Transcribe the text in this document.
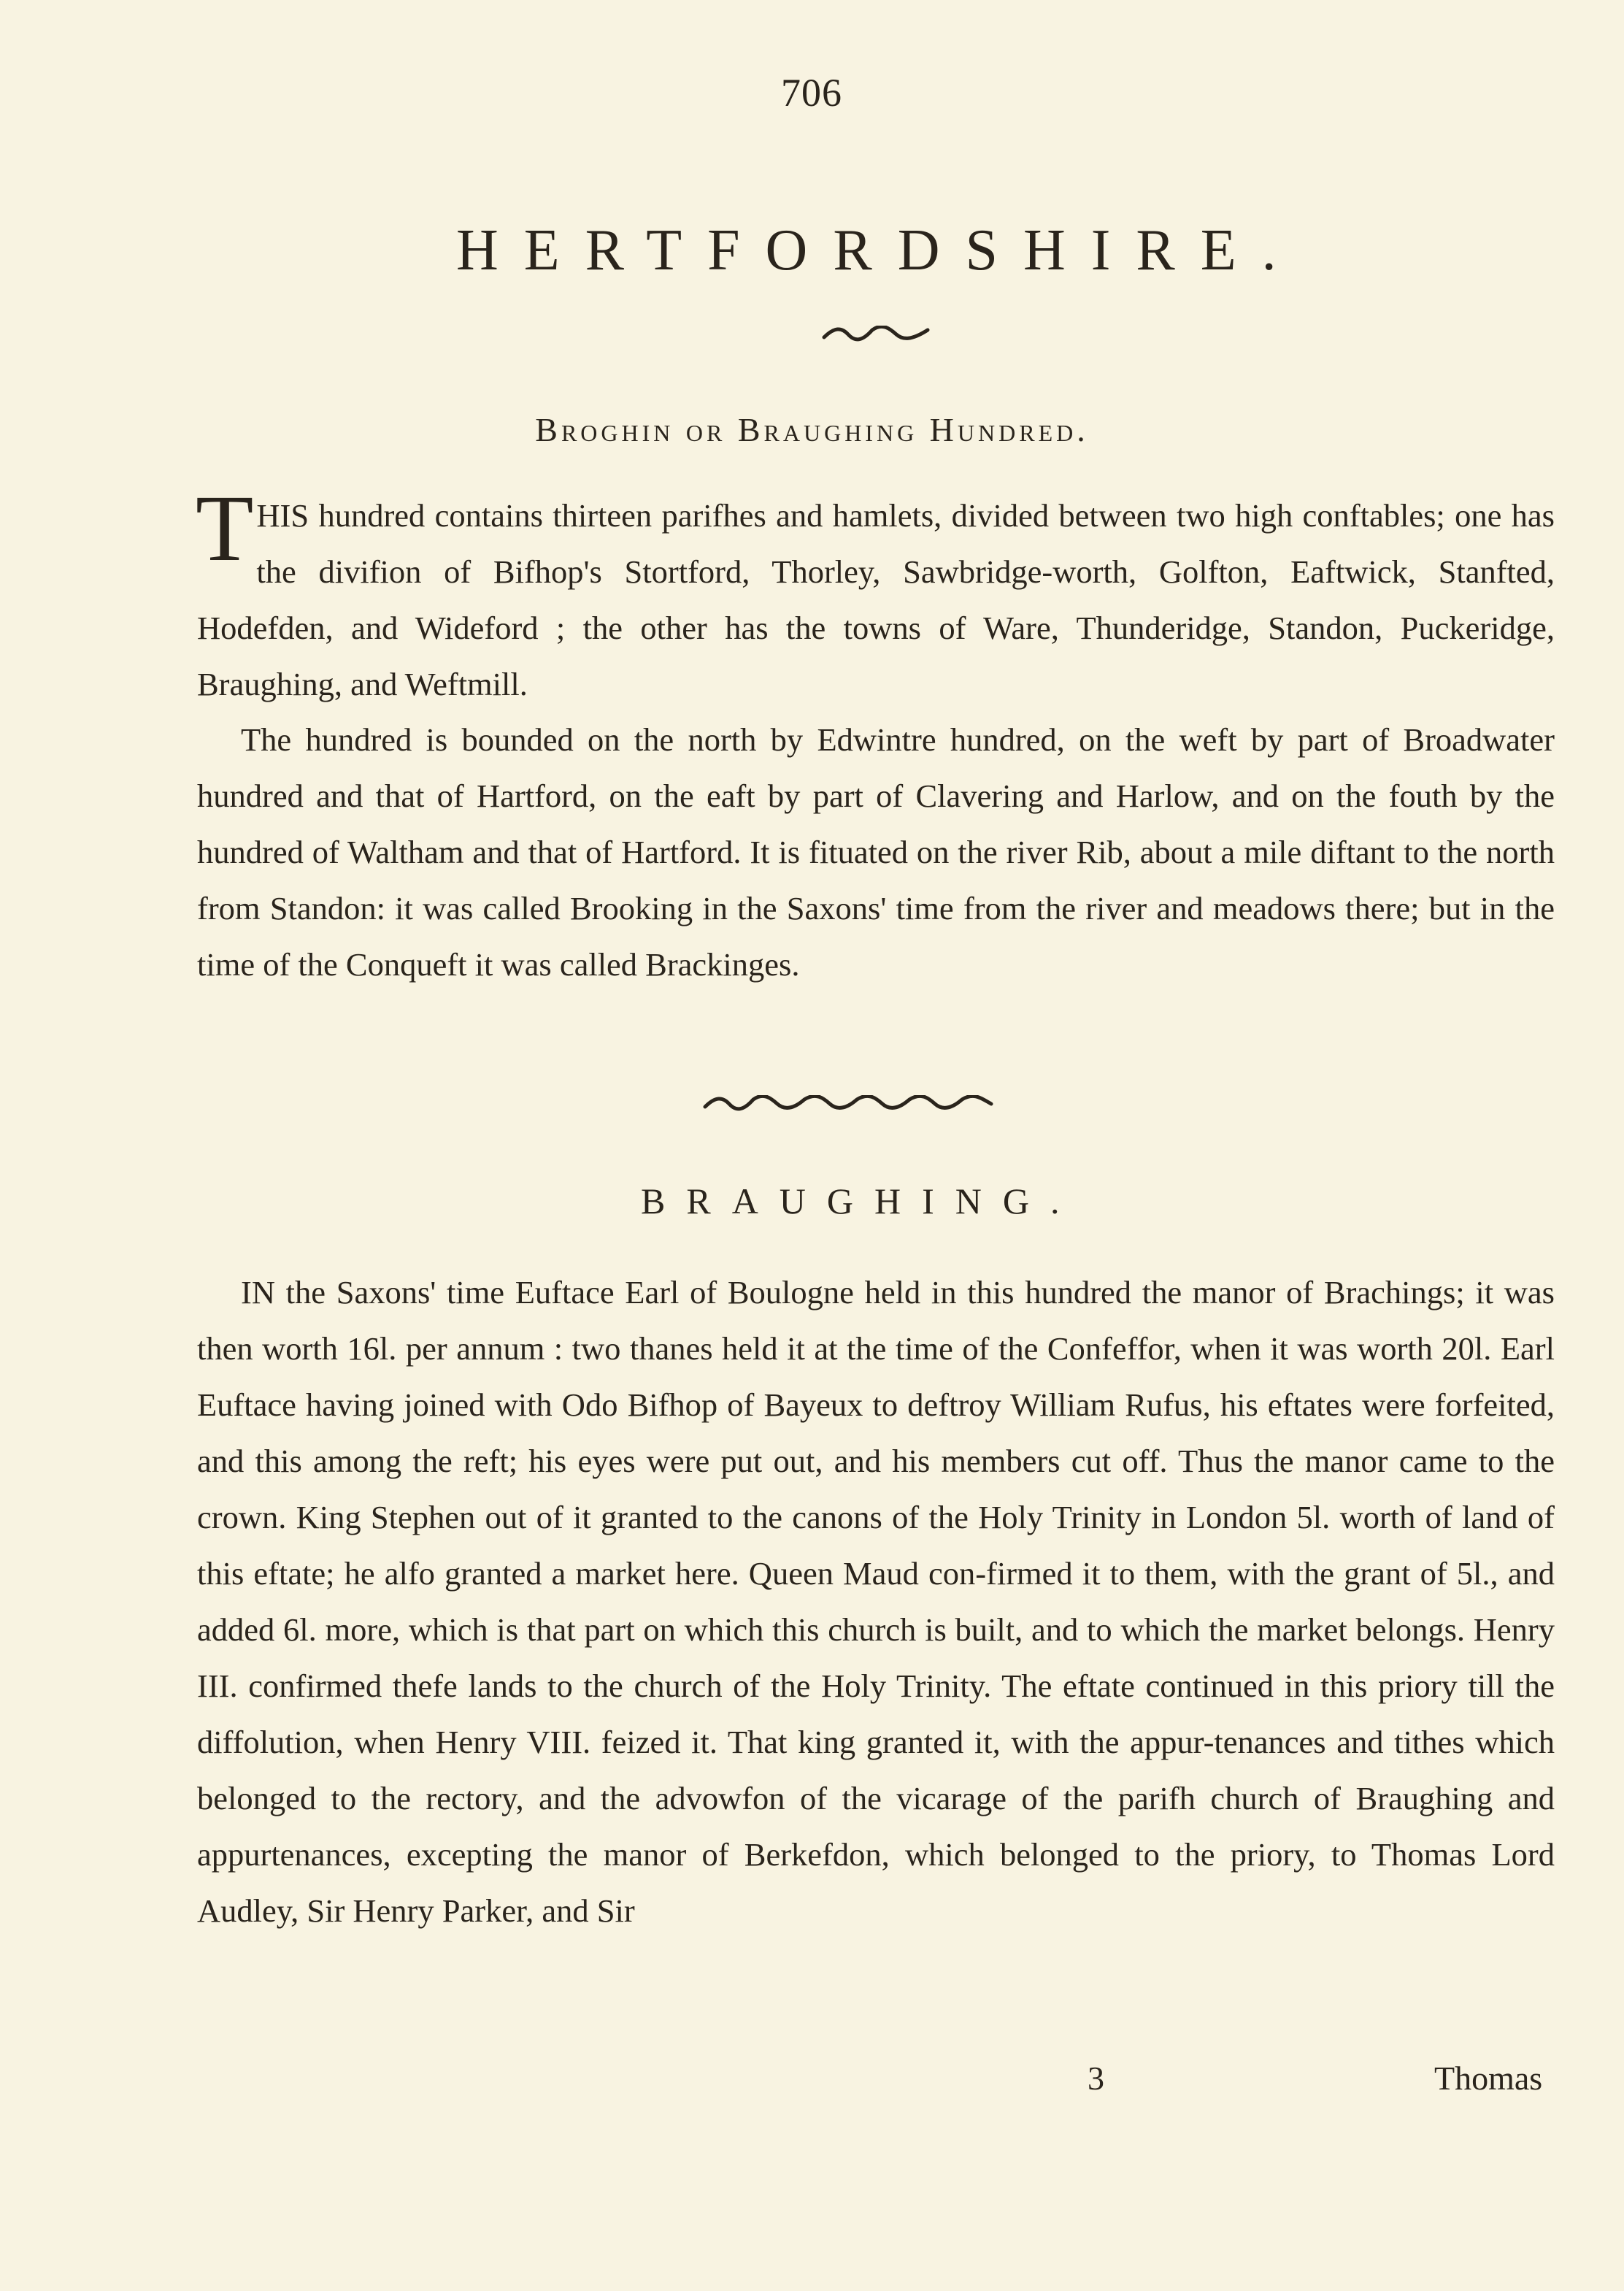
706
HERTFORDSHIRE.
Broghin or Braughing Hundred.

T HIS hundred contains thirteen parifhes and hamlets, divided between two high conftables; one has the divifion of Bifhop's Stortford, Thorley, Sawbridge-worth, Golfton, Eaftwick, Stanfted, Hodefden, and Wideford ; the other has the towns of Ware, Thunderidge, Standon, Puckeridge, Braughing, and Weftmill.

The hundred is bounded on the north by Edwintre hundred, on the weft by part of Broadwater hundred and that of Hartford, on the eaft by part of Clavering and Harlow, and on the fouth by the hundred of Waltham and that of Hartford. It is fituated on the river Rib, about a mile diftant to the north from Standon: it was called Brooking in the Saxons' time from the river and meadows there; but in the time of the Conqueft it was called Brackinges.

BRAUGHING.

IN the Saxons' time Euftace Earl of Boulogne held in this hundred the manor of Brachings; it was then worth 16l. per annum : two thanes held it at the time of the Confeffor, when it was worth 20l. Earl Euftace having joined with Odo Bifhop of Bayeux to deftroy William Rufus, his eftates were forfeited, and this among the reft; his eyes were put out, and his members cut off. Thus the manor came to the crown. King Stephen out of it granted to the canons of the Holy Trinity in London 5l. worth of land of this eftate; he alfo granted a market here. Queen Maud con-firmed it to them, with the grant of 5l., and added 6l. more, which is that part on which this church is built, and to which the market belongs. Henry III. confirmed thefe lands to the church of the Holy Trinity. The eftate continued in this priory till the diffolution, when Henry VIII. feized it. That king granted it, with the appur-tenances and tithes which belonged to the rectory, and the advowfon of the vicarage of the parifh church of Braughing and appurtenances, excepting the manor of Berkefdon, which belonged to the priory, to Thomas Lord Audley, Sir Henry Parker, and Sir

3	Thomas
